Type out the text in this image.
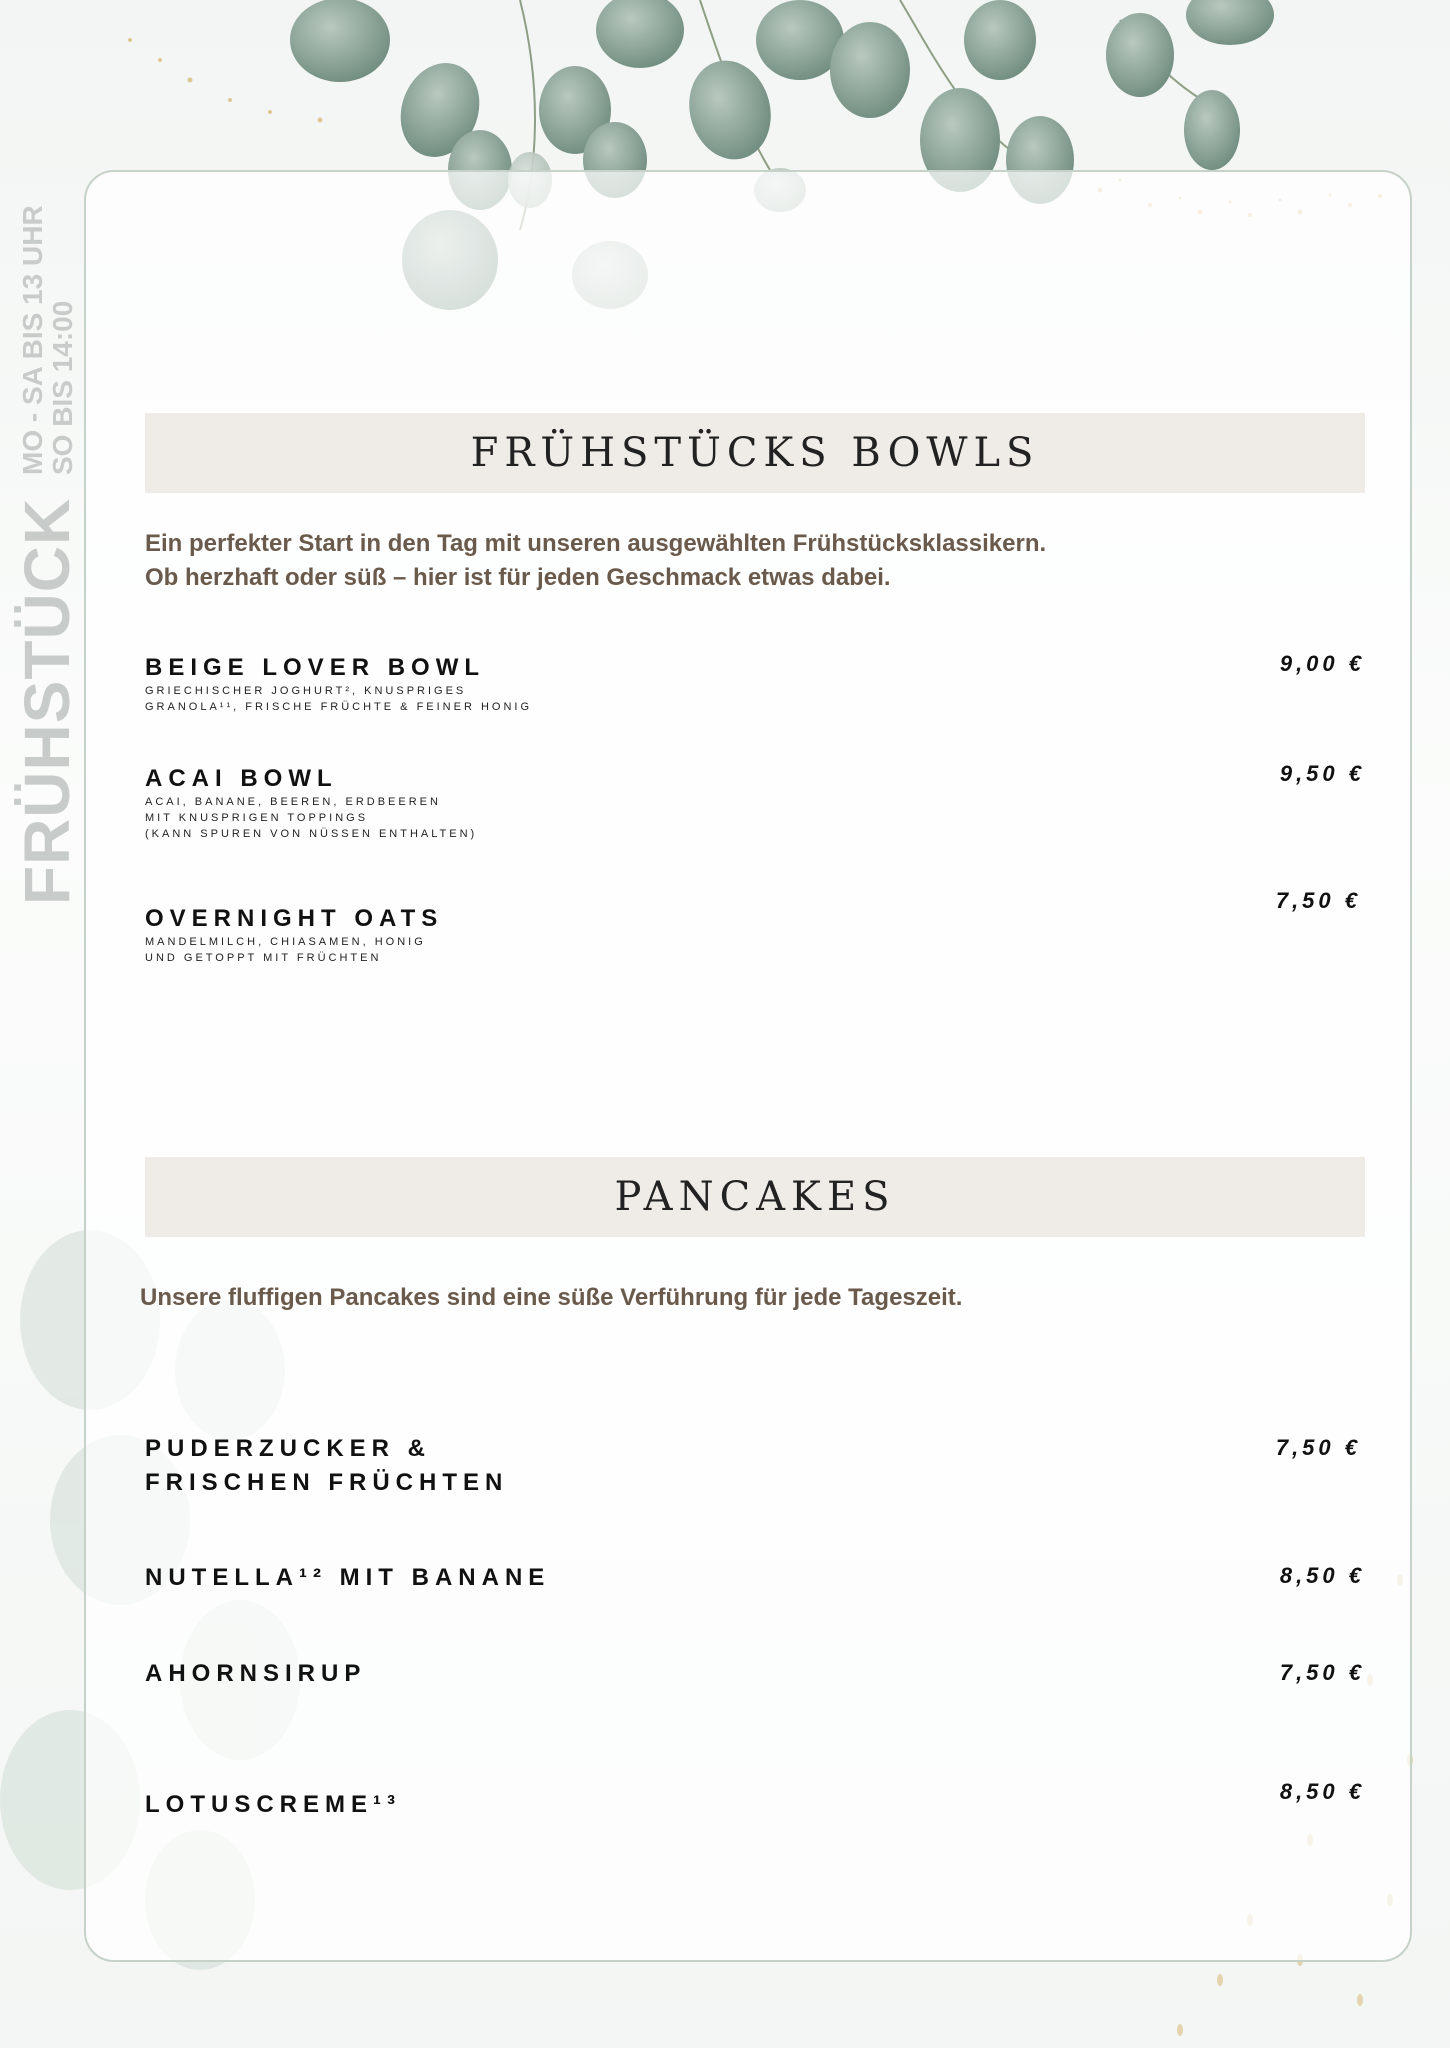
FRÜHSTÜCK
MO - SA BIS 13 UHR SO BIS 14:00	FRÜHSTÜCKS BOWLS
Ein perfekter Start in den Tag mit unseren ausgewählten Frühstücksklassikern.
Ob herzhaft oder süß – hier ist für jeden Geschmack etwas dabei.
BEIGE LOVER BOWL
GRIECHISCHER JOGHURT², KNUSPRIGES
GRANOLA¹¹, FRISCHE FRÜCHTE & FEINER HONIG
9,00 €
ACAI BOWL
ACAI, BANANE, BEEREN, ERDBEEREN
MIT KNUSPRIGEN TOPPINGS
(KANN SPUREN VON NÜSSEN ENTHALTEN)
9,50 €
OVERNIGHT OATS
MANDELMILCH, CHIASAMEN, HONIG
UND GETOPPT MIT FRÜCHTEN
7,50 €
PANCAKES
Unsere fluffigen Pancakes sind eine süße Verführung für jede Tageszeit.
PUDERZUCKER &
FRISCHEN FRÜCHTEN
7,50 €
NUTELLA¹² MIT BANANE	8,50 €
AHORNSIRUP	7,50 €
LOTUSCREME¹³	8,50 €
